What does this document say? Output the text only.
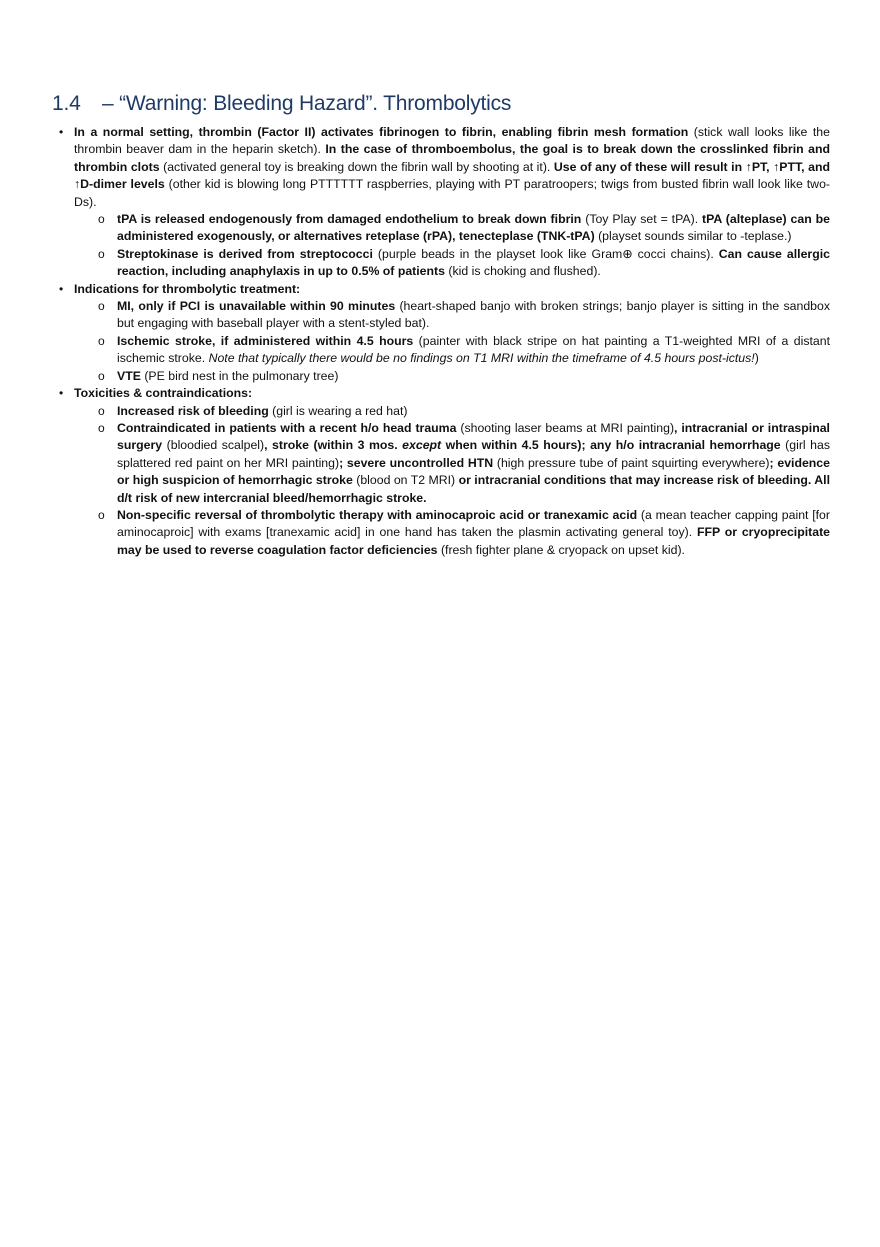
1.4 – “Warning: Bleeding Hazard”. Thrombolytics
• In a normal setting, thrombin (Factor II) activates fibrinogen to fibrin, enabling fibrin mesh formation (stick wall looks like the thrombin beaver dam in the heparin sketch). In the case of thromboembolus, the goal is to break down the crosslinked fibrin and thrombin clots (activated general toy is breaking down the fibrin wall by shooting at it). Use of any of these will result in ↑PT, ↑PTT, and ↑D-dimer levels (other kid is blowing long PTTTTTT raspberries, playing with PT paratroopers; twigs from busted fibrin wall look like two-Ds).
o tPA is released endogenously from damaged endothelium to break down fibrin (Toy Play set = tPA). tPA (alteplase) can be administered exogenously, or alternatives reteplase (rPA), tenecteplase (TNK-tPA) (playset sounds similar to -teplase.)
o Streptokinase is derived from streptococci (purple beads in the playset look like Gram⊕ cocci chains). Can cause allergic reaction, including anaphylaxis in up to 0.5% of patients (kid is choking and flushed).
• Indications for thrombolytic treatment:
o MI, only if PCI is unavailable within 90 minutes (heart-shaped banjo with broken strings; banjo player is sitting in the sandbox but engaging with baseball player with a stent-styled bat).
o Ischemic stroke, if administered within 4.5 hours (painter with black stripe on hat painting a T1-weighted MRI of a distant ischemic stroke. Note that typically there would be no findings on T1 MRI within the timeframe of 4.5 hours post-ictus!)
o VTE (PE bird nest in the pulmonary tree)
• Toxicities & contraindications:
o Increased risk of bleeding (girl is wearing a red hat)
o Contraindicated in patients with a recent h/o head trauma (shooting laser beams at MRI painting), intracranial or intraspinal surgery (bloodied scalpel), stroke (within 3 mos. except when within 4.5 hours); any h/o intracranial hemorrhage (girl has splattered red paint on her MRI painting); severe uncontrolled HTN (high pressure tube of paint squirting everywhere); evidence or high suspicion of hemorrhagic stroke (blood on T2 MRI) or intracranial conditions that may increase risk of bleeding. All d/t risk of new intercranial bleed/hemorrhagic stroke.
o Non-specific reversal of thrombolytic therapy with aminocaproic acid or tranexamic acid (a mean teacher capping paint [for aminocaproic] with exams [tranexamic acid] in one hand has taken the plasmin activating general toy). FFP or cryoprecipitate may be used to reverse coagulation factor deficiencies (fresh fighter plane & cryopack on upset kid).
